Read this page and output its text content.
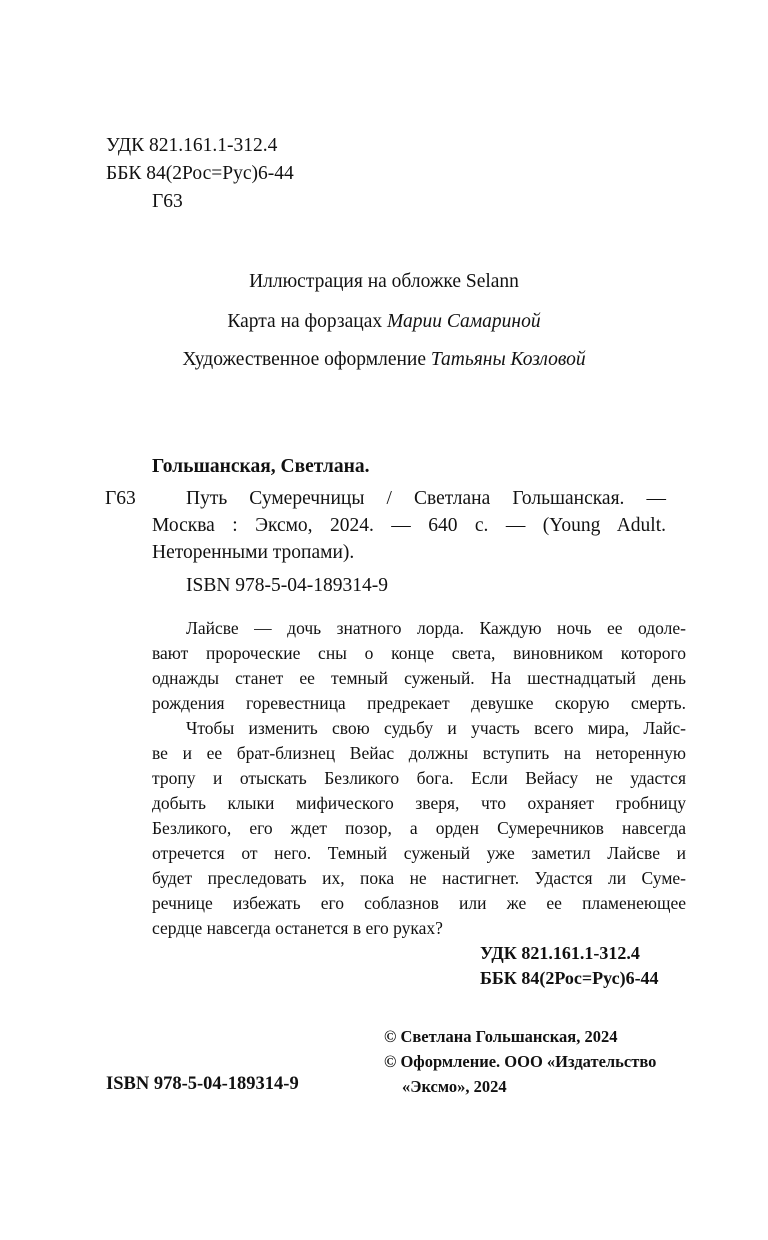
УДК 821.161.1-312.4
ББК 84(2Рос=Рус)6-44
Г63
Иллюстрация на обложке Selann
Карта на форзацах Марии Самариной
Художественное оформление Татьяны Козловой
Гольшанская, Светлана.
Г63	Путь Сумеречницы / Светлана Гольшанская. —
Москва : Эксмо, 2024. — 640 с. — (Young Adult.
Неторенными тропами).
ISBN 978-5-04-189314-9
Лайсве — дочь знатного лорда. Каждую ночь ее одоле-
вают пророческие сны о конце света, виновником которого
однажды станет ее темный суженый. На шестнадцатый день
рождения горевестница предрекает девушке скорую смерть.
Чтобы изменить свою судьбу и участь всего мира, Лайс-
ве и ее брат-близнец Вейас должны вступить на неторенную
тропу и отыскать Безликого бога. Если Вейасу не удастся
добыть клыки мифического зверя, что охраняет гробницу
Безликого, его ждет позор, а орден Сумеречников навсегда
отречется от него. Темный суженый уже заметил Лайсве и
будет преследовать их, пока не настигнет. Удастся ли Суме-
речнице избежать его соблазнов или же ее пламенеющее
сердце навсегда останется в его руках?
УДК 821.161.1-312.4
ББК 84(2Рос=Рус)6-44
© Светлана Гольшанская, 2024
© Оформление. ООО «Издательство
«Эксмо», 2024
ISBN 978-5-04-189314-9
